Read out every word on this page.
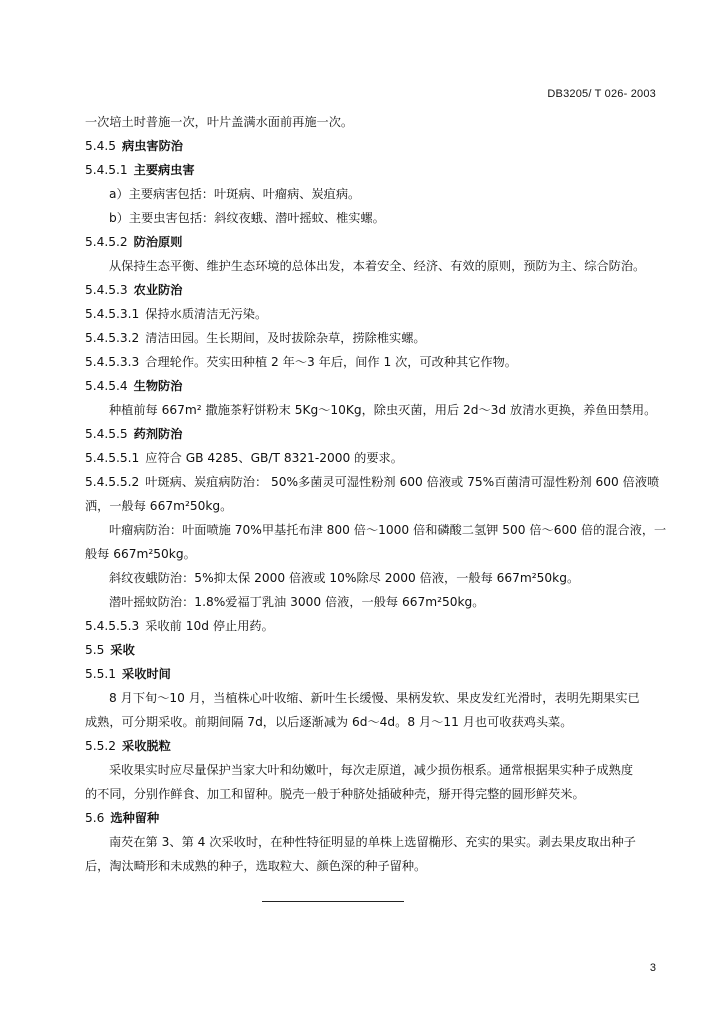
DB3205/ T 026- 2003
一次培土时普施一次，叶片盖满水面前再施一次。
5.4.5 病虫害防治
5.4.5.1 主要病虫害
a）主要病害包括：叶斑病、叶瘤病、炭疽病。
b）主要虫害包括：斜纹夜蛾、潜叶摇蚊、椎实螺。
5.4.5.2 防治原则
从保持生态平衡、维护生态环境的总体出发，本着安全、经济、有效的原则，预防为主、综合防治。
5.4.5.3 农业防治
5.4.5.3.1 保持水质清洁无污染。
5.4.5.3.2 清洁田园。生长期间，及时拔除杂草，捞除椎实螺。
5.4.5.3.3 合理轮作。芡实田种植 2 年～3 年后，间作 1 次，可改种其它作物。
5.4.5.4 生物防治
种植前每 667m² 撒施茶籽饼粉末 5Kg～10Kg，除虫灭菌，用后 2d～3d 放清水更换，养鱼田禁用。
5.4.5.5 药剂防治
5.4.5.5.1 应符合 GB 4285、GB/T 8321-2000 的要求。
5.4.5.5.2 叶斑病、炭疽病防治： 50%多菌灵可湿性粉剂 600 倍液或 75%百菌清可湿性粉剂 600 倍液喷
洒，一般每 667m²50kg。
叶瘤病防治：叶面喷施 70%甲基托布津 800 倍～1000 倍和磷酸二氢钾 500 倍～600 倍的混合液，一
般每 667m²50kg。
斜纹夜蛾防治：5%抑太保 2000 倍液或 10%除尽 2000 倍液，一般每 667m²50kg。
潜叶摇蚊防治：1.8%爱福丁乳油 3000 倍液，一般每 667m²50kg。
5.4.5.5.3 采收前 10d 停止用药。
5.5 采收
5.5.1 采收时间
8 月下旬～10 月，当植株心叶收缩、新叶生长缓慢、果柄发软、果皮发红光滑时，表明先期果实已
成熟，可分期采收。前期间隔 7d，以后逐渐减为 6d～4d。8 月～11 月也可收获鸡头菜。
5.5.2 采收脱粒
采收果实时应尽量保护当家大叶和幼嫩叶，每次走原道，减少损伤根系。通常根据果实种子成熟度
的不同，分别作鲜食、加工和留种。脱壳一般于种脐处插破种壳，掰开得完整的圆形鲜芡米。
5.6 选种留种
南芡在第 3、第 4 次采收时，在种性特征明显的单株上选留椭形、充实的果实。剥去果皮取出种子
后，淘汰畸形和未成熟的种子，选取粒大、颜色深的种子留种。
3
